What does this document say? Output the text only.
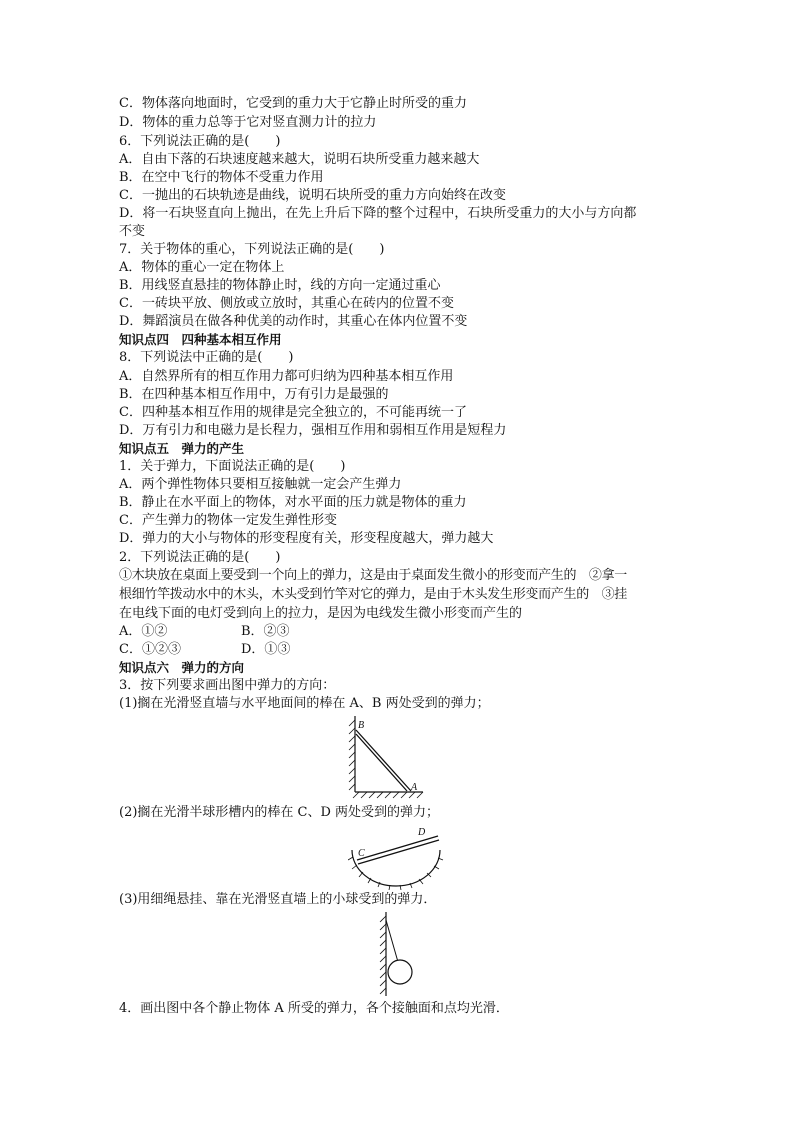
C．物体落向地面时，它受到的重力大于它静止时所受的重力
D．物体的重力总等于它对竖直测力计的拉力
6．下列说法正确的是(　　)
A．自由下落的石块速度越来越大，说明石块所受重力越来越大
B．在空中飞行的物体不受重力作用
C．一抛出的石块轨迹是曲线，说明石块所受的重力方向始终在改变
D．将一石块竖直向上抛出，在先上升后下降的整个过程中，石块所受重力的大小与方向都
不变
7．关于物体的重心，下列说法正确的是(　　)
A．物体的重心一定在物体上
B．用线竖直悬挂的物体静止时，线的方向一定通过重心
C．一砖块平放、侧放或立放时，其重心在砖内的位置不变
D．舞蹈演员在做各种优美的动作时，其重心在体内位置不变
知识点四　四种基本相互作用
8．下列说法中正确的是(　　)
A．自然界所有的相互作用力都可归纳为四种基本相互作用
B．在四种基本相互作用中，万有引力是最强的
C．四种基本相互作用的规律是完全独立的，不可能再统一了
D．万有引力和电磁力是长程力，强相互作用和弱相互作用是短程力
知识点五　弹力的产生
1．关于弹力，下面说法正确的是(　　)
A．两个弹性物体只要相互接触就一定会产生弹力
B．静止在水平面上的物体，对水平面的压力就是物体的重力
C．产生弹力的物体一定发生弹性形变
D．弹力的大小与物体的形变程度有关，形变程度越大，弹力越大
2．下列说法正确的是(　　)
①木块放在桌面上要受到一个向上的弹力，这是由于桌面发生微小的形变而产生的　②拿一
根细竹竿拨动水中的木头，木头受到竹竿对它的弹力，是由于木头发生形变而产生的　③挂
在电线下面的电灯受到向上的拉力，是因为电线发生微小形变而产生的
A．①②	B．②③
C．①②③	D．①③
知识点六　弹力的方向
3．按下列要求画出图中弹力的方向：
(1)搁在光滑竖直墙与水平地面间的棒在 A、B 两处受到的弹力；
B
A
(2)搁在光滑半球形槽内的棒在 C、D 两处受到的弹力；
C
D
(3)用细绳悬挂、靠在光滑竖直墙上的小球受到的弹力．
4．画出图中各个静止物体 A 所受的弹力，各个接触面和点均光滑．
